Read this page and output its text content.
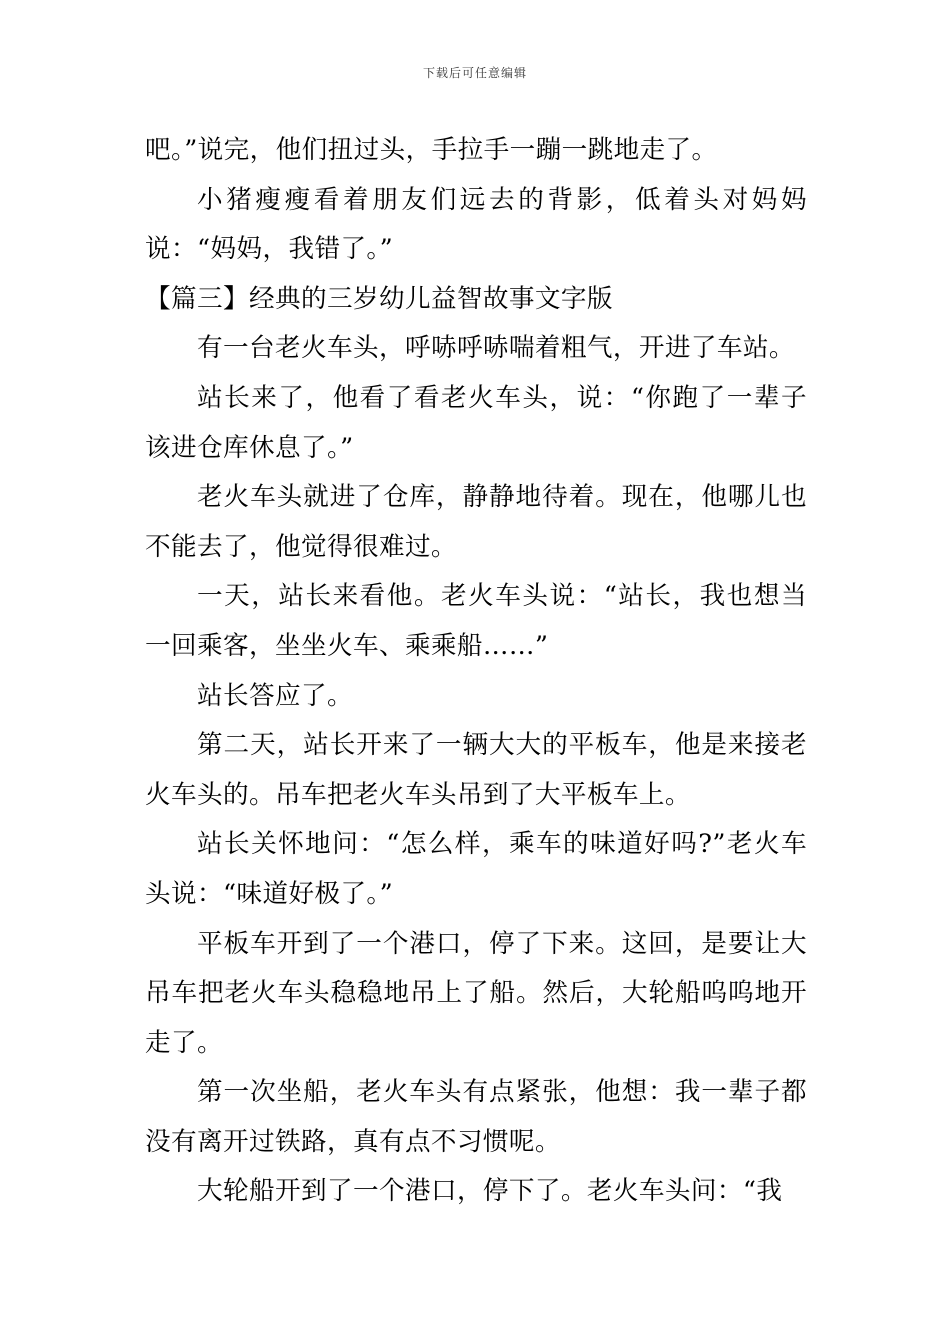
下载后可任意编辑

吧。”说完，他们扭过头，手拉手一蹦一跳地走了。

小猪瘦瘦看着朋友们远去的背影，低着头对妈妈说：“妈妈，我错了。”

【篇三】经典的三岁幼儿益智故事文字版

有一台老火车头，呼哧呼哧喘着粗气，开进了车站。

站长来了，他看了看老火车头，说：“你跑了一辈子该进仓库休息了。”

老火车头就进了仓库，静静地待着。现在，他哪儿也不能去了，他觉得很难过。

一天，站长来看他。老火车头说：“站长，我也想当一回乘客，坐坐火车、乘乘船……”

站长答应了。

第二天，站长开来了一辆大大的平板车，他是来接老火车头的。吊车把老火车头吊到了大平板车上。

站长关怀地问：“怎么样，乘车的味道好吗?”老火车头说：“味道好极了。”

平板车开到了一个港口，停了下来。这回，是要让大吊车把老火车头稳稳地吊上了船。然后，大轮船呜呜地开走了。

第一次坐船，老火车头有点紧张，他想：我一辈子都没有离开过铁路，真有点不习惯呢。

大轮船开到了一个港口，停下了。老火车头问：“我
